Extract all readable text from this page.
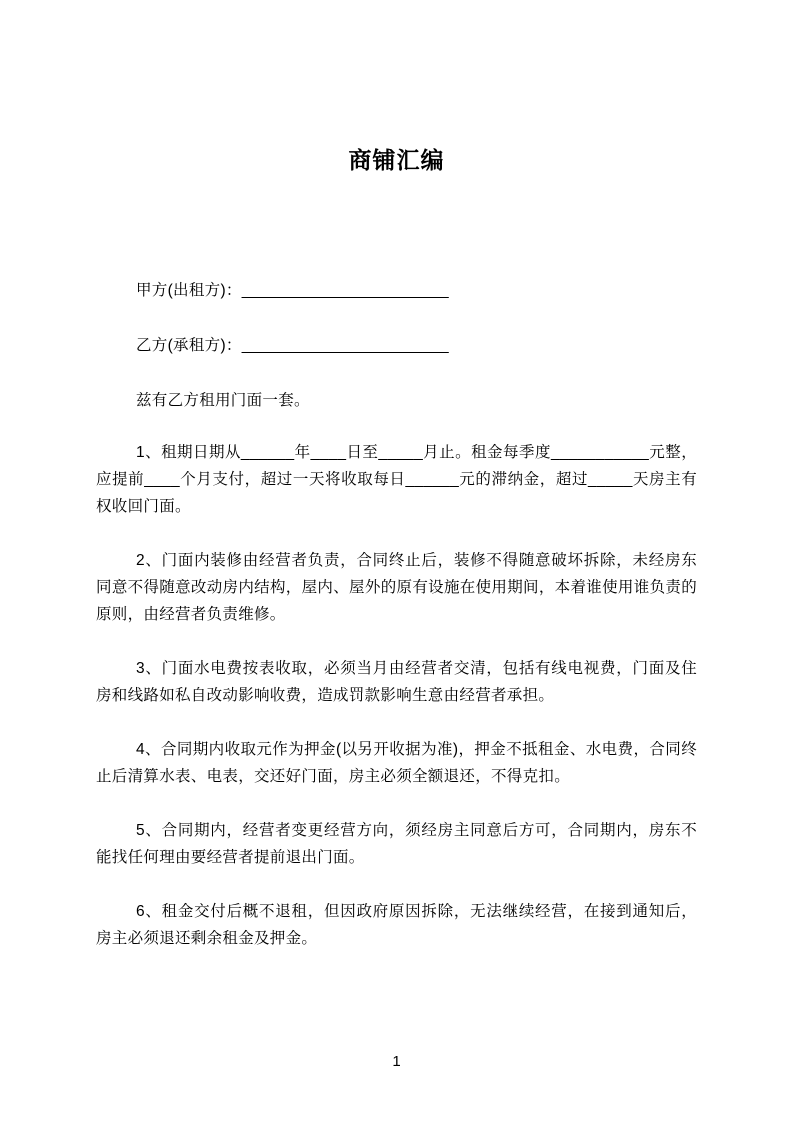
商铺汇编

甲方(出租方)：________________________

乙方(承租方)：________________________

兹有乙方租用门面一套。

1、租期日期从______年____日至_____月止。租金每季度___________元整，应提前____个月支付，超过一天将收取每日______元的滞纳金，超过_____天房主有权收回门面。

2、门面内装修由经营者负责，合同终止后，装修不得随意破坏拆除，未经房东同意不得随意改动房内结构，屋内、屋外的原有设施在使用期间，本着谁使用谁负责的原则，由经营者负责维修。

3、门面水电费按表收取，必须当月由经营者交清，包括有线电视费，门面及住房和线路如私自改动影响收费，造成罚款影响生意由经营者承担。

4、合同期内收取元作为押金(以另开收据为准)，押金不抵租金、水电费，合同终止后清算水表、电表，交还好门面，房主必须全额退还，不得克扣。

5、合同期内，经营者变更经营方向，须经房主同意后方可，合同期内，房东不能找任何理由要经营者提前退出门面。

6、租金交付后概不退租，但因政府原因拆除，无法继续经营，在接到通知后，房主必须退还剩余租金及押金。

1
